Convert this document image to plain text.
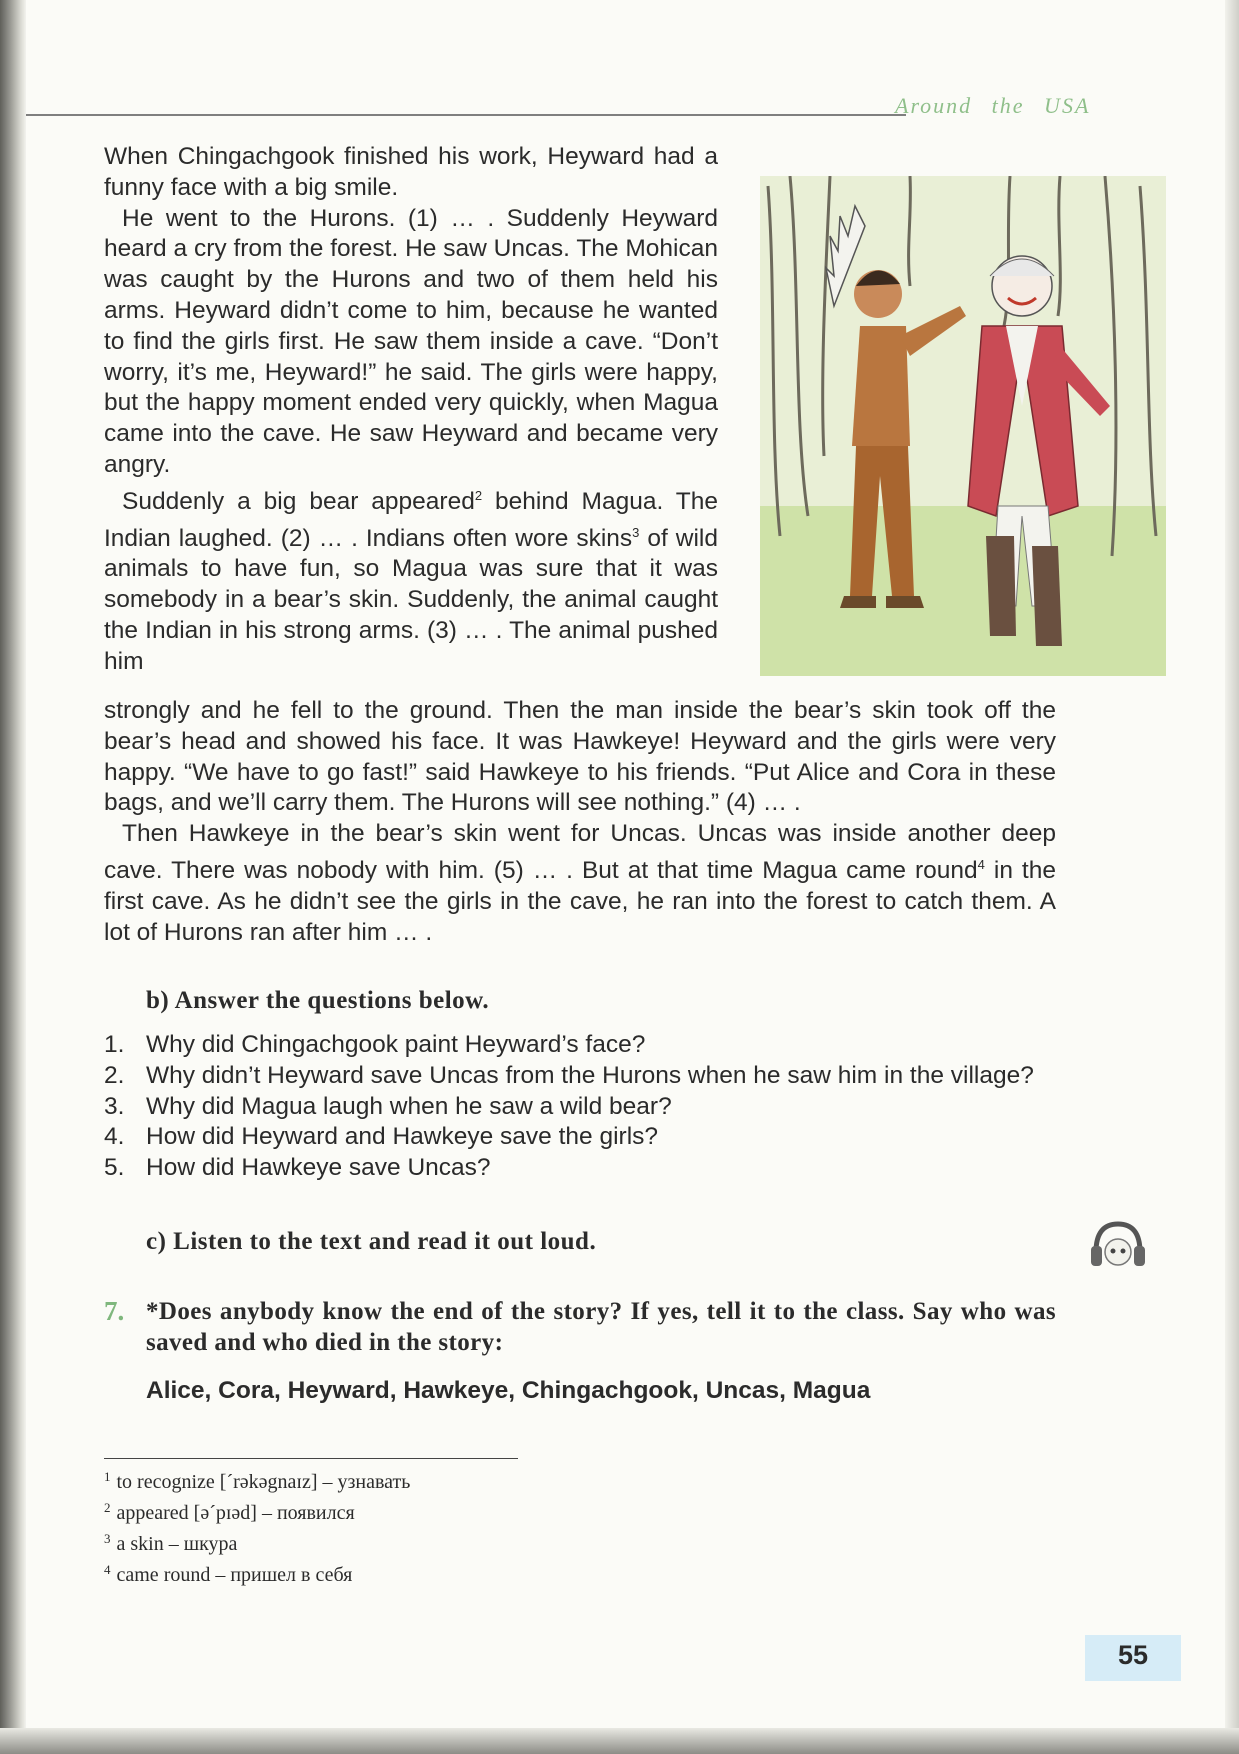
Around the USA

When Chingachgook finished his work, Heyward had a funny face with a big smile.

He went to the Hurons. (1) … . Suddenly Heyward heard a cry from the forest. He saw Uncas. The Mohican was caught by the Hurons and two of them held his arms. Heyward didn’t come to him, because he wanted to find the girls first. He saw them inside a cave. “Don’t worry, it’s me, Heyward!” he said. The girls were happy, but the happy moment ended very quickly, when Magua came into the cave. He saw Heyward and became very angry.

Suddenly a big bear appeared$^2$ behind Magua. The Indian laughed. (2) … . Indians often wore skins$^3$ of wild animals to have fun, so Magua was sure that it was somebody in a bear’s skin. Suddenly, the animal caught the Indian in his strong arms. (3) … . The animal pushed him

strongly and he fell to the ground. Then the man inside the bear’s skin took off the bear’s head and showed his face. It was Hawkeye! Heyward and the girls were very happy. “We have to go fast!” said Hawkeye to his friends. “Put Alice and Cora in these bags, and we’ll carry them. The Hurons will see nothing.” (4) … .

Then Hawkeye in the bear’s skin went for Uncas. Uncas was inside another deep cave. There was nobody with him. (5) … . But at that time Magua came round$^4$ in the first cave. As he didn’t see the girls in the cave, he ran into the forest to catch them. A lot of Hurons ran after him … .

b) Answer the questions below.
1. Why did Chingachgook paint Heyward’s face?
2. Why didn’t Heyward save Uncas from the Hurons when he saw him in the village?
3. Why did Magua laugh when he saw a wild bear?
4. How did Heyward and Hawkeye save the girls?
5. How did Hawkeye save Uncas?
c) Listen to the text and read it out loud.
7. *Does anybody know the end of the story? If yes, tell it to the class. Say who was saved and who died in the story:
Alice, Cora, Heyward, Hawkeye, Chingachgook, Uncas, Magua
$^1$ to recognize [ˊrəkəgnaɪz] – узнавать
$^2$ appeared [əˊpɪəd] – появился
$^3$ a skin – шкура
$^4$ came round – пришел в себя
55
